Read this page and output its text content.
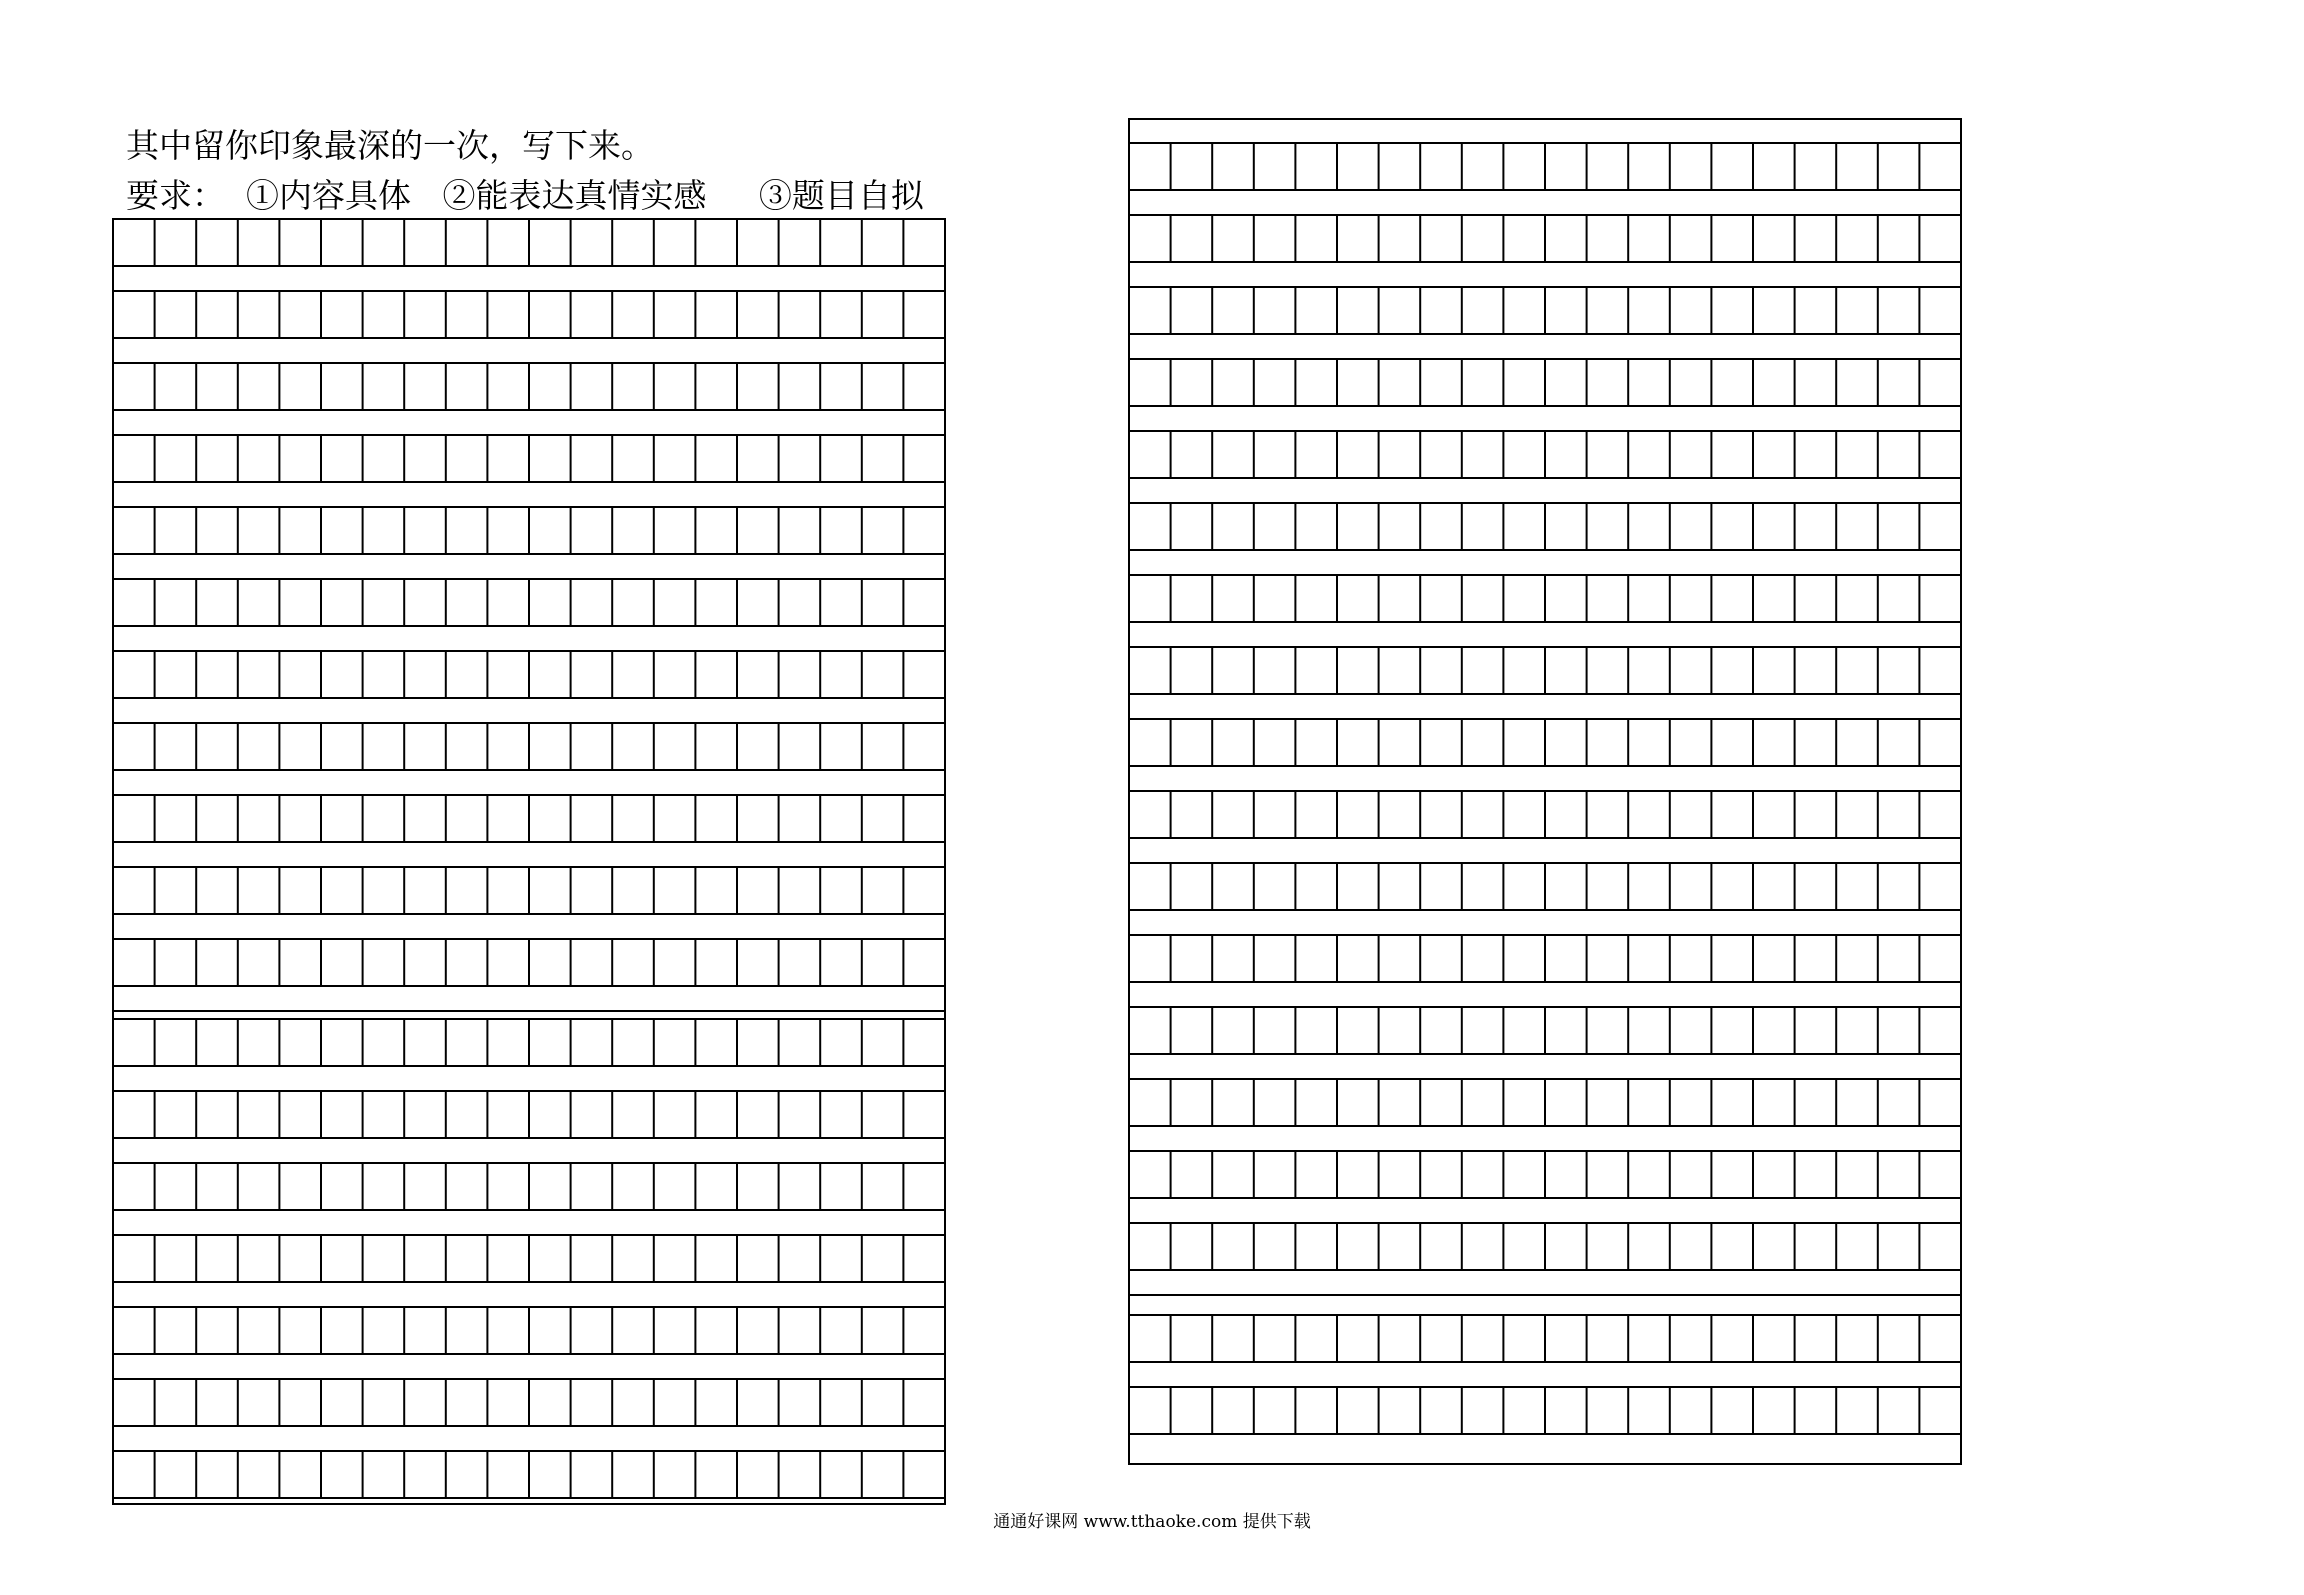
其中留你印象最深的一次，写下来。
要求：  ①内容具体   ②能表达真情实感     ③题目自拟
通通好课网 www.tthaoke.com 提供下载
